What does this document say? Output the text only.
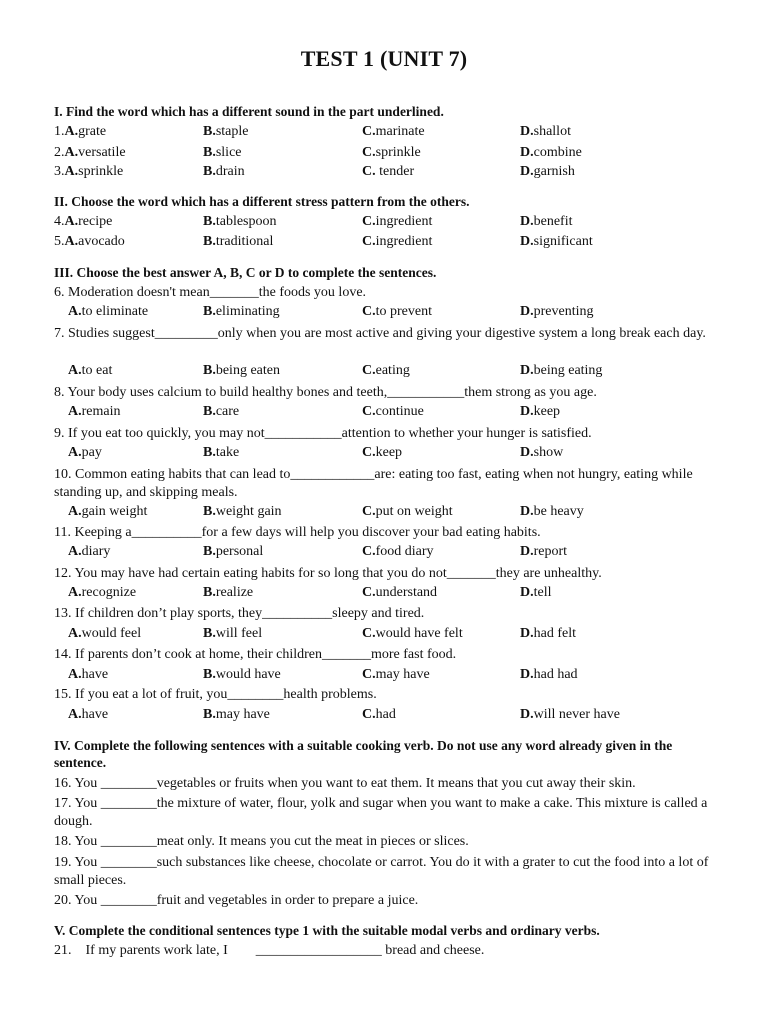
TEST 1 (UNIT 7)
I. Find the word which has a different sound in the part underlined.
1.A.grate	B.staple	C.marinate	D.shallot
2.A.versatile	B.slice	C.sprinkle	D.combine
3.A.sprinkle	B.drain	C. tender	D.garnish
II. Choose the word which has a different stress pattern from the others.
4.A.recipe	B.tablespoon	C.ingredient	D.benefit
5.A.avocado	B.traditional	C.ingredient	D.significant
III. Choose the best answer A, B, C or D to complete the sentences.
6. Moderation doesn't mean_______the foods you love.
A.to eliminate	B.eliminating	C.to prevent	D.preventing
7. Studies suggest_________only when you are most active and giving your digestive system a long break each day.
A.to eat	B.being eaten	C.eating	D.being eating
8. Your body uses calcium to build healthy bones and teeth,___________them strong as you age.
A.remain	B.care	C.continue	D.keep
9. If you eat too quickly, you may not___________attention to whether your hunger is satisfied.
A.pay	B.take	C.keep	D.show
10. Common eating habits that can lead to____________are: eating too fast, eating when not hungry, eating while standing up, and skipping meals.
A.gain weight	B.weight gain	C.put on weight	D.be heavy
11. Keeping a__________for a few days will help you discover your bad eating habits.
A.diary	B.personal	C.food diary	D.report
12. You may have had certain eating habits for so long that you do not_______they are unhealthy.
A.recognize	B.realize	C.understand	D.tell
13. If children don’t play sports, they__________sleepy and tired.
A.would feel	B.will feel	C.would have felt	D.had felt
14. If parents don’t cook at home, their children_______more fast food.
A.have	B.would have	C.may have	D.had had
15. If you eat a lot of fruit, you________health problems.
A.have	B.may have	C.had	D.will never have
IV. Complete the following sentences with a suitable cooking verb. Do not use any word already given in the sentence.
16. You ________vegetables or fruits when you want to eat them. It means that you cut away their skin.
17. You ________the mixture of water, flour, yolk and sugar when you want to make a cake. This mixture is called a dough.
18. You ________meat only. It means you cut the meat in pieces or slices.
19. You ________such substances like cheese, chocolate or carrot. You do it with a grater to cut the food into a lot of small pieces.
20. You ________fruit and vegetables in order to prepare a juice.
V. Complete the conditional sentences type 1 with the suitable modal verbs and ordinary verbs.
21.    If my parents work late, I        __________________ bread and cheese.
